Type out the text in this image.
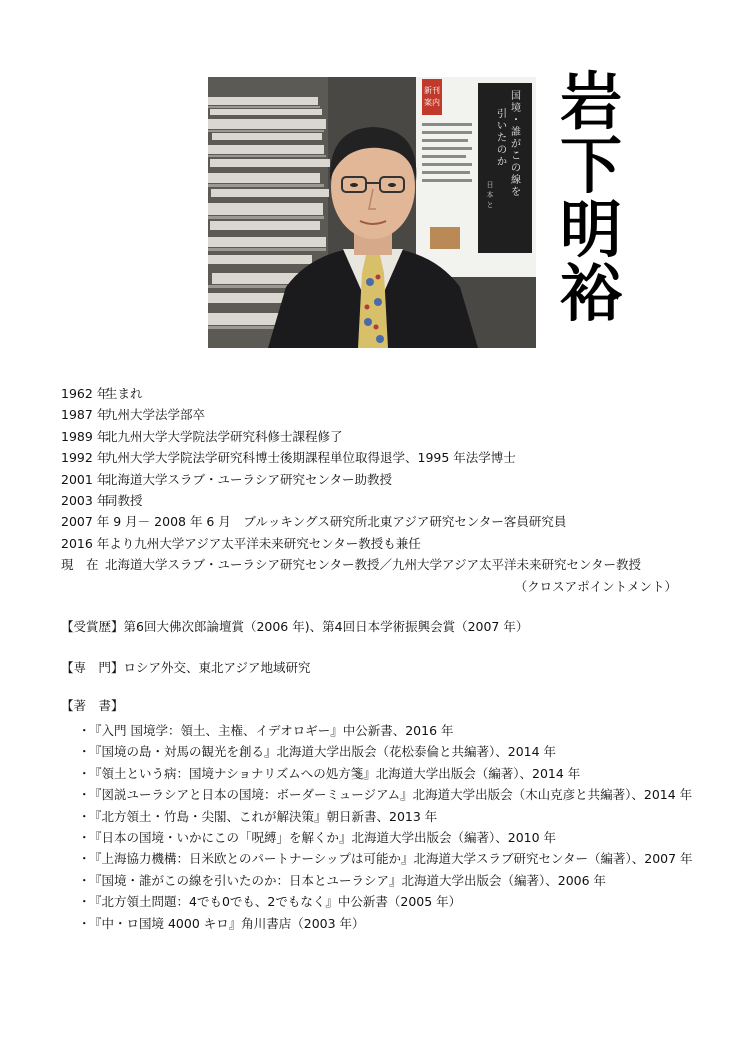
新刊
案内
国
境
・
誰
が
こ
の
線
を
引
い
た
の
か
日
本
と
岩
下
明
裕
1962 年
生まれ
1987 年
九州大学法学部卒
1989 年
北九州大学大学院法学研究科修士課程修了
1992 年
九州大学大学院法学研究科博士後期課程単位取得退学、1995 年法学博士
2001 年
北海道大学スラブ・ユーラシア研究センター助教授
2003 年
同教授
2007 年 9 月－ 2008 年 6 月　ブルッキングス研究所北東アジア研究センター客員研究員
2016 年より九州大学アジア太平洋未来研究センター教授も兼任
現　在 北海道大学スラブ・ユーラシア研究センター教授／九州大学アジア太平洋未来研究センター教授
（クロスアポイントメント）
【受賞歴】第6回大佛次郎論壇賞（2006 年)、第4回日本学術振興会賞（2007 年）
【専　門】ロシア外交、東北アジア地域研究
【著　書】
・
『入門 国境学：領土、主権、イデオロギー』中公新書、2016 年
・
『国境の島・対馬の観光を創る』北海道大学出版会（花松泰倫と共編著）、2014 年
・
『領土という病：国境ナショナリズムへの処方箋』北海道大学出版会（編著）、2014 年
・
『図説ユーラシアと日本の国境：ボーダーミュージアム』北海道大学出版会（木山克彦と共編著）、2014 年
・
『北方領土・竹島・尖閣、これが解決策』朝日新書、2013 年
・
『日本の国境・いかにこの「呪縛」を解くか』北海道大学出版会（編著）、2010 年
・
『上海協力機構：日米欧とのパートナーシップは可能か』北海道大学スラブ研究センター（編著）、2007 年
・
『国境・誰がこの線を引いたのか：日本とユーラシア』北海道大学出版会（編著）、2006 年
・
『北方領土問題：4でも0でも、2でもなく』中公新書（2005 年）
・
『中・ロ国境 4000 キロ』角川書店（2003 年）
